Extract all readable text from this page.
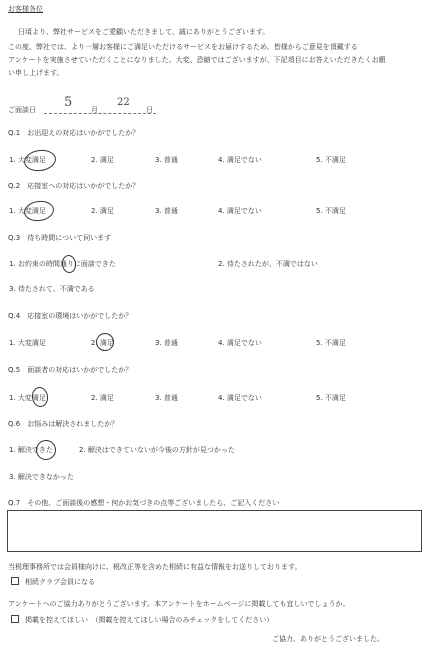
お客様各位
日頃より、弊社サービスをご愛顧いただきまして、誠にありがとうございます。
この度、弊社では、より一層お客様にご満足いただけるサービスをお届けするため、皆様からご意見を頂戴する
アンケートを実施させていただくことになりました。大変、恐縮ではございますが、下記項目にお答えいただきたくお願
い申し上げます。
ご面談日 5	月
22
日
Q.1　 お出迎えの対応はいかがでしたか？
1. 大変満足	2. 満足	3. 普通	4. 満足でない	5. 不満足
Q.2　 応接室への対応はいかがでしたか？
1. 大変満足	2. 満足	3. 普通	4. 満足でない	5. 不満足
Q.3　 待ち時間について伺います
1. お約束の時間通りに面談できた	2. 待たされたが、不満ではない
3. 待たされて、不満である
Q.4　 応接室の環境はいかがでしたか？
1. 大変満足	2. 満足	3. 普通	4. 満足でない	5. 不満足
Q.5　 面談者の対応はいかがでしたか？
1. 大変満足	2. 満足	3. 普通	4. 満足でない	5. 不満足
Q.6　 お悩みは解決されましたか？
1. 解決できた	2. 解決はできていないが今後の方針が見つかった
3. 解決できなかった
Q.7　 その他、ご面談後の感想・何かお気づきの点等ございましたら、ご記入ください
当税理事務所では会員様向けに、税改正等を含めた相続に有益な情報をお送りしております。
相続クラブ会員になる
アンケートへのご協力ありがとうございます。本アンケートをホームページに掲載しても宜しいでしょうか。
掲載を控えてほしい　（掲載を控えてほしい場合のみチェックをしてください）
ご協力、ありがとうございました。
